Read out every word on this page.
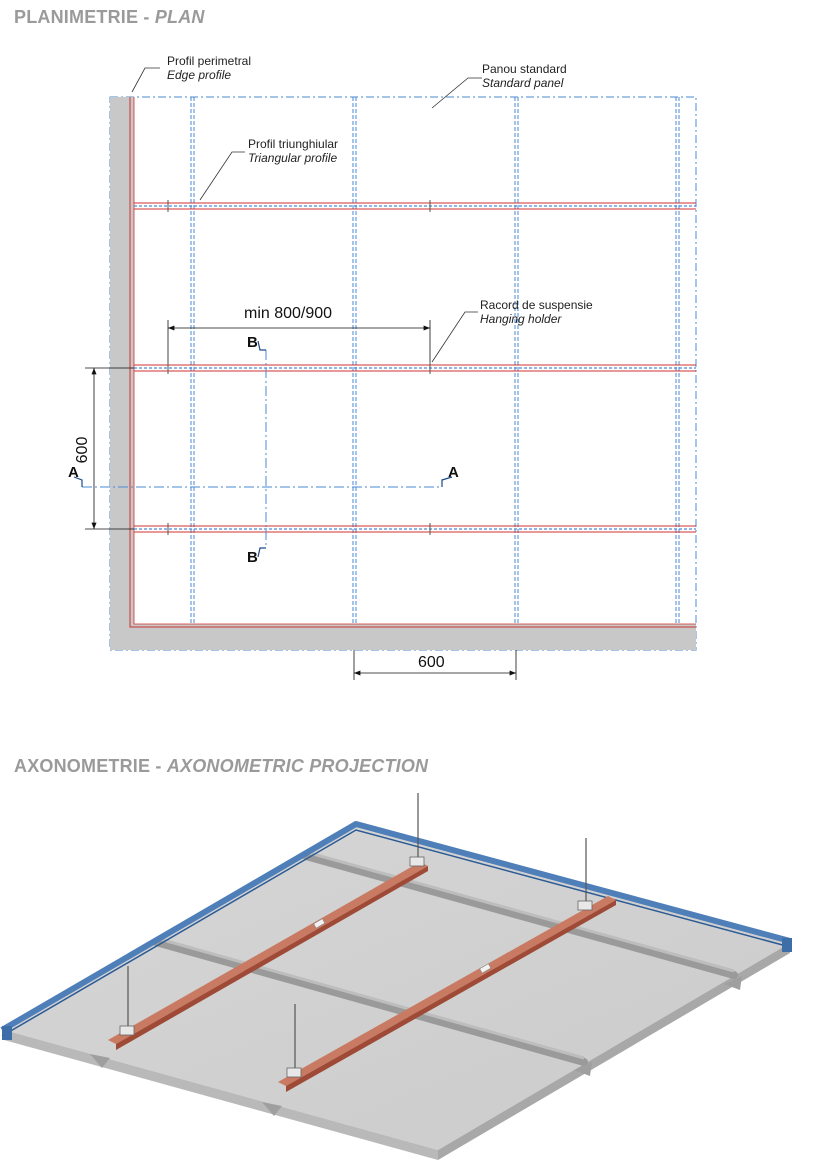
PLANIMETRIE - PLAN
AXONOMETRIE - AXONOMETRIC PROJECTION
A	A
B
B
min 800/900
600
600
Profil perimetral
Edge profile	Panou standard
Standard panel
Profil triunghiular
Triangular profile
Racord de suspensie
Hanging holder
